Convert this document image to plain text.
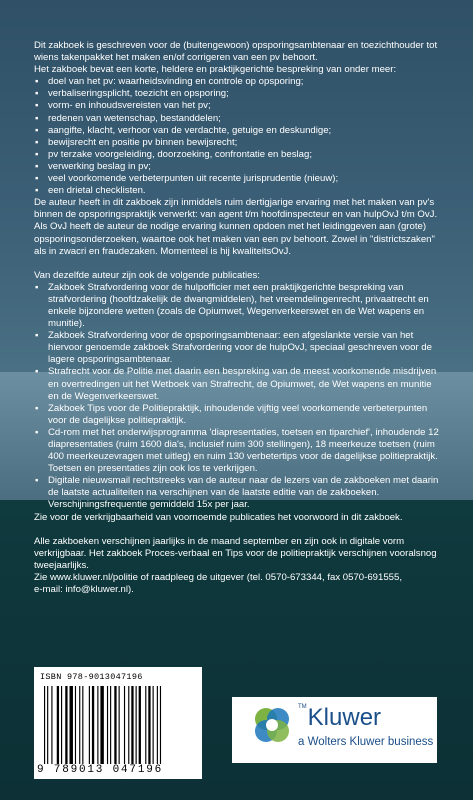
Dit zakboek is geschreven voor de (buitengewoon) opsporingsambtenaar en toezichthouder tot wiens takenpakket het maken en/of corrigeren van een pv behoort.

Het zakboek bevat een korte, heldere en praktijkgerichte bespreking van onder meer:

▪ doel van het pv: waarheidsvinding en controle op opsporing;
▪ verbaliseringsplicht, toezicht en opsporing;
▪ vorm- en inhoudsvereisten van het pv;
▪ redenen van wetenschap, bestanddelen;
▪ aangifte, klacht, verhoor van de verdachte, getuige en deskundige;
▪ bewijsrecht en positie pv binnen bewijsrecht;
▪ pv terzake voorgeleiding, doorzoeking, confrontatie en beslag;
▪ verwerking beslag in pv;
▪ veel voorkomende verbeterpunten uit recente jurisprudentie (nieuw);
▪ een drietal checklisten.

De auteur heeft in dit zakboek zijn inmiddels ruim dertigjarige ervaring met het maken van pv's binnen de opsporingspraktijk verwerkt: van agent t/m hoofdinspecteur en van hulpOvJ t/m OvJ. Als OvJ heeft de auteur de nodige ervaring kunnen opdoen met het leidinggeven aan (grote) opsporingsonderzoeken, waartoe ook het maken van een pv behoort. Zowel in "districtszaken" als in zwacri en fraudezaken. Momenteel is hij kwaliteitsOvJ.

Van dezelfde auteur zijn ook de volgende publicaties:

▪ Zakboek Strafvordering voor de hulpofficier met een praktijkgerichte bespreking van strafvordering (hoofdzakelijk de dwangmiddelen), het vreemdelingenrecht, privaatrecht en enkele bijzondere wetten (zoals de Opiumwet, Wegenverkeerswet en de Wet wapens en munitie).
▪ Zakboek Strafvordering voor de opsporingsambtenaar: een afgeslankte versie van het hiervoor genoemde zakboek Strafvordering voor de hulpOvJ, speciaal geschreven voor de lagere opsporingsambtenaar.
▪ Strafrecht voor de Politie met daarin een bespreking van de meest voorkomende misdrijven en overtredingen uit het Wetboek van Strafrecht, de Opiumwet, de Wet wapens en munitie en de Wegenverkeerswet.
▪ Zakboek Tips voor de Politiepraktijk, inhoudende vijftig veel voorkomende verbeterpunten voor de dagelijkse politiepraktijk.
▪ Cd-rom met het onderwijsprogramma 'diapresentaties, toetsen en tiparchief', inhoudende 12 diapresentaties (ruim 1600 dia's, inclusief ruim 300 stellingen), 18 meerkeuze toetsen (ruim 400 meerkeuzevragen met uitleg) en ruim 130 verbetertips voor de dagelijkse politiepraktijk. Toetsen en presentaties zijn ook los te verkrijgen.
▪ Digitale nieuwsmail rechtstreeks van de auteur naar de lezers van de zakboeken met daarin de laatste actualiteiten na verschijnen van de laatste editie van de zakboeken. Verschijningsfrequentie gemiddeld 15x per jaar.

Zie voor de verkrijgbaarheid van voornoemde publicaties het voorwoord in dit zakboek.

Alle zakboeken verschijnen jaarlijks in de maand september en zijn ook in digitale vorm verkrijgbaar. Het zakboek Proces-verbaal en Tips voor de politiepraktijk verschijnen vooralsnog tweejaarlijks.

Zie www.kluwer.nl/politie of raadpleeg de uitgever (tel. 0570-673344, fax 0570-691555,

e-mail: info@kluwer.nl).

ISBN 978-9013047196
9 789013 047196
™Kluwer
a Wolters Kluwer business
